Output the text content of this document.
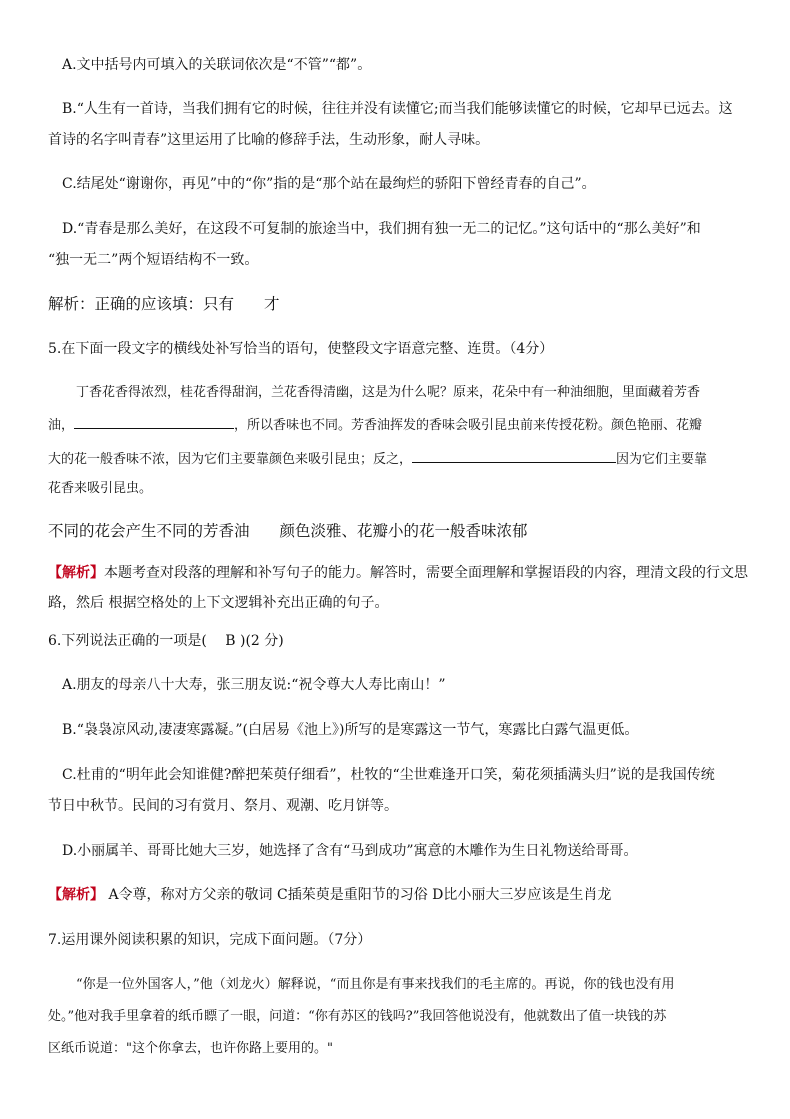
A.文中括号内可填入的关联词依次是“不管”“都”。
B.“人生有一首诗，当我们拥有它的时候，往往并没有读懂它;而当我们能够读懂它的时候，它却早已远去。这
首诗的名字叫青春”这里运用了比喻的修辞手法，生动形象，耐人寻味。
C.结尾处“谢谢你，再见”中的“你”指的是“那个站在最绚烂的骄阳下曾经青春的自己”。
D.“青春是那么美好，在这段不可复制的旅途当中，我们拥有独一无二的记忆。”这句话中的“那么美好”和
“独一无二”两个短语结构不一致。
解析：正确的应该填：只有 才
5.在下面一段文字的横线处补写恰当的语句，使整段文字语意完整、连贯。（4分）
丁香花香得浓烈，桂花香得甜润，兰花香得清幽，这是为什么呢？原来，花朵中有一种油细胞，里面藏着芳香
油，	，所以香味也不同。芳香油挥发的香味会吸引昆虫前来传授花粉。颜色艳丽、花瓣
大的花一般香味不浓，因为它们主要靠颜色来吸引昆虫；反之，	因为它们主要靠
花香来吸引昆虫。
不同的花会产生不同的芳香油 颜色淡雅、花瓣小的花一般香味浓郁
【解析】本题考查对段落的理解和补写句子的能力。解答时，需要全面理解和掌握语段的内容，理清文段的行文思
路，然后 根据空格处的上下文逻辑补充出正确的句子。
6.下列说法正确的一项是(　 B )(2 分)
A.朋友的母亲八十大寿，张三朋友说:“祝令尊大人寿比南山！”
B.“袅袅凉风动,凄凄寒露凝。”(白居易《池上》)所写的是寒露这一节气，寒露比白露气温更低。
C.杜甫的“明年此会知谁健?醉把茱萸仔细看”，杜牧的“尘世难逢开口笑，菊花须插满头归”说的是我国传统
节日中秋节。民间的习有赏月、祭月、观潮、吃月饼等。
D.小丽属羊、哥哥比她大三岁，她选择了含有“马到成功”寓意的木雕作为生日礼物送给哥哥。
【解析】 A令尊，称对方父亲的敬词 C插茱萸是重阳节的习俗 D比小丽大三岁应该是生肖龙
7.运用课外阅读积累的知识，完成下面问题。（7分）
“你是一位外国客人，”他（刘龙火）解释说，“而且你是有事来找我们的毛主席的。再说，你的钱也没有用
处。”他对我手里拿着的纸币瞟了一眼，问道：“你有苏区的钱吗?”我回答他说没有，他就数出了值一块钱的苏
区纸币说道："这个你拿去，也许你路上要用的。"
